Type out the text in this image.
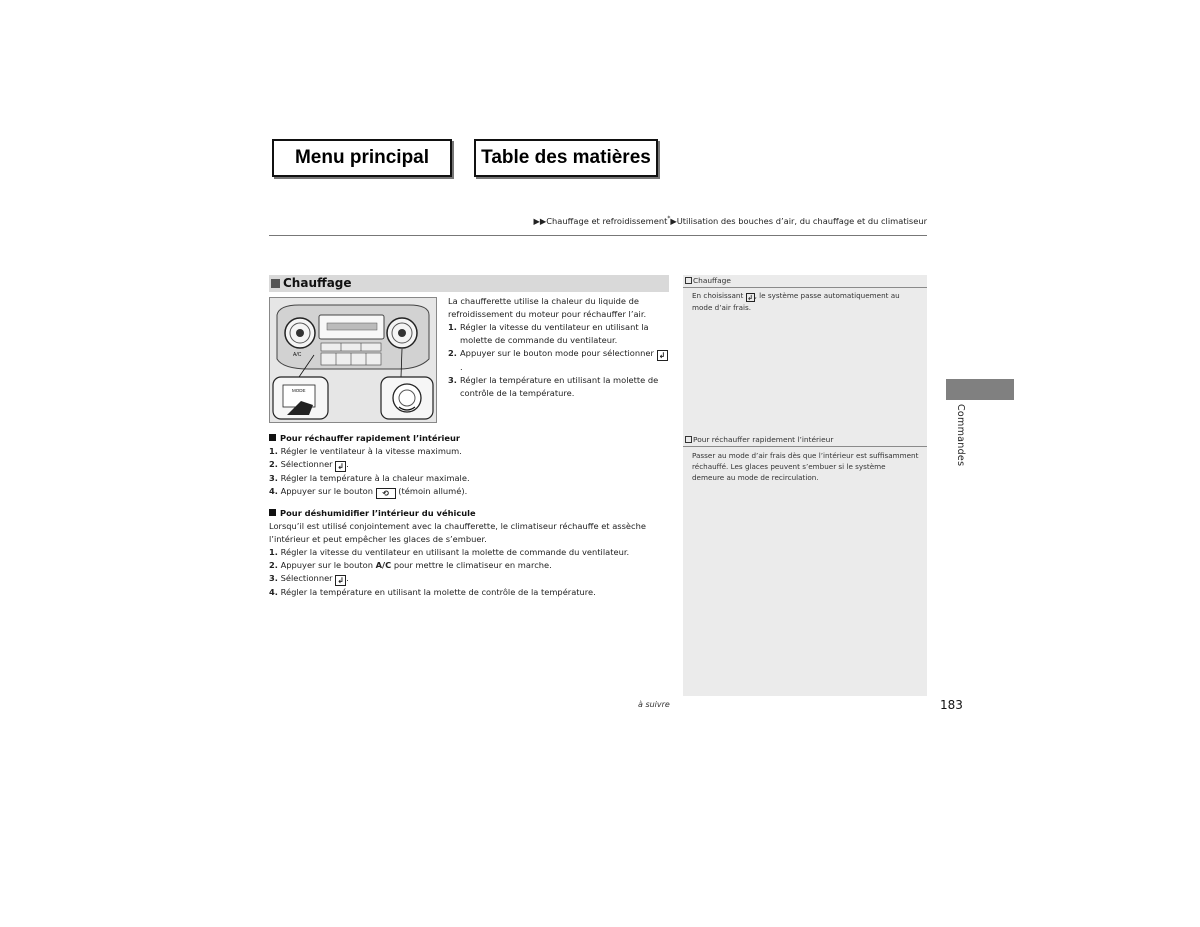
Menu principal	Table des matières
▶▶Chauffage et refroidissement*▶Utilisation des bouches d’air, du chauffage et du climatiseur
Chauffage
A/C
MODE
La chaufferette utilise la chaleur du liquide de refroidissement du moteur pour réchauffer l’air.
1. Régler la vitesse du ventilateur en utilisant la molette de commande du ventilateur.
2. Appuyer sur le bouton mode pour sélectionner ↲.
3. Régler la température en utilisant la molette de contrôle de la température.
Pour réchauffer rapidement l’intérieur
1. Régler le ventilateur à la vitesse maximum.
2. Sélectionner ↲ .
3. Régler la température à la chaleur maximale.
4. Appuyer sur le bouton ⟲ (témoin allumé).
Pour déshumidifier l’intérieur du véhicule
Lorsqu’il est utilisé conjointement avec la chaufferette, le climatiseur réchauffe et assèche l’intérieur et peut empêcher les glaces de s’embuer.
1. Régler la vitesse du ventilateur en utilisant la molette de commande du ventilateur.
2. Appuyer sur le bouton A/C pour mettre le climatiseur en marche.
3. Sélectionner ↲ .
4. Régler la température en utilisant la molette de contrôle de la température.
Chauffage
En choisissant ↲ , le système passe automatiquement au mode d’air frais.
Pour réchauffer rapidement l’intérieur
Passer au mode d’air frais dès que l’intérieur est suffisamment réchauffé. Les glaces peuvent s’embuer si le système demeure au mode de recirculation.
Commandes
à suivre	183
